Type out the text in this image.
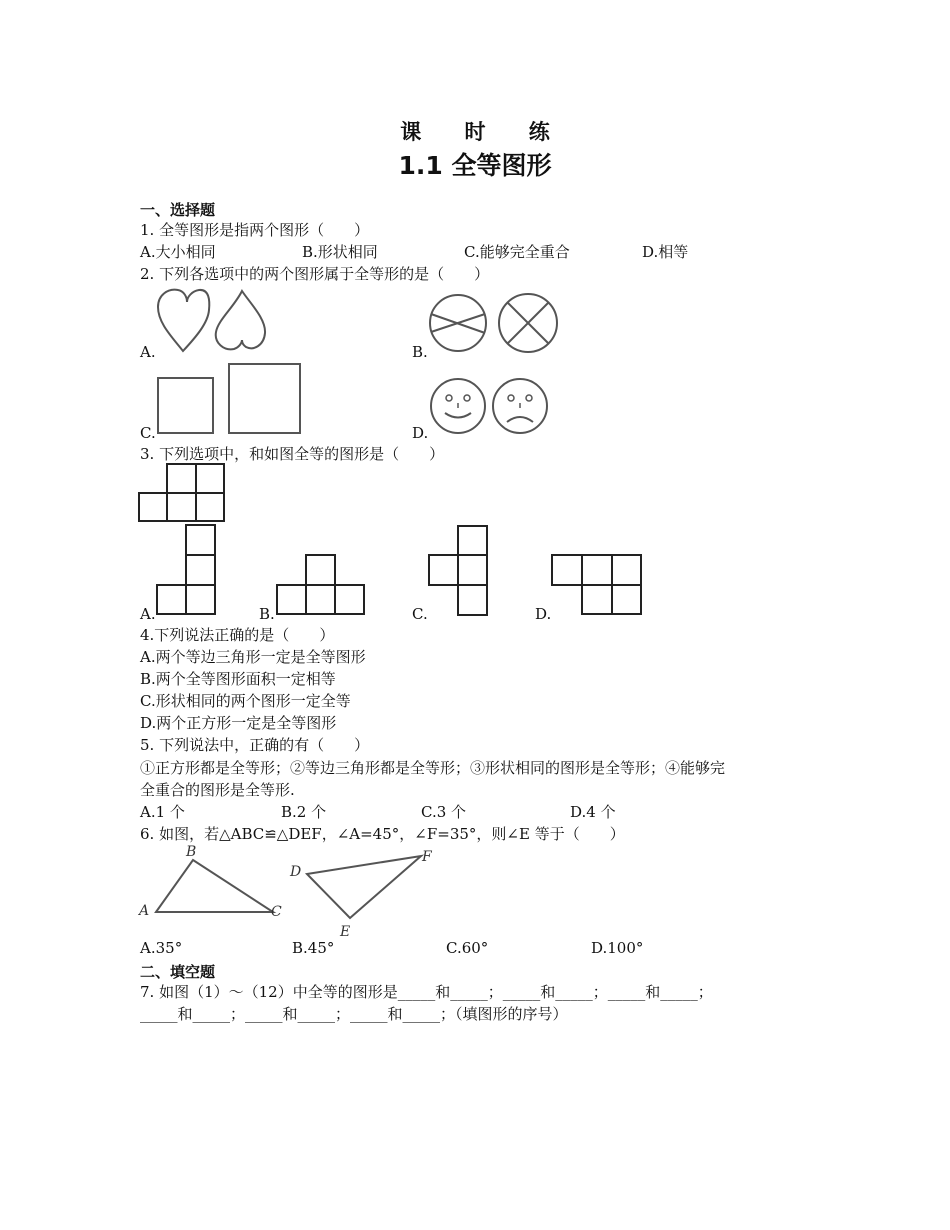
课 时 练
1.1 全等图形
一、选择题
1. 全等图形是指两个图形（　　）
A.大小相同	B.形状相同	C.能够完全重合	D.相等
2. 下列各选项中的两个图形属于全等形的是（　　）
A.	B.
C.	D.
3. 下列选项中，和如图全等的图形是（　　）
A.	B.	C.	D.
4.下列说法正确的是（　　）
A.两个等边三角形一定是全等图形
B.两个全等图形面积一定相等
C.形状相同的两个图形一定全等
D.两个正方形一定是全等图形
5. 下列说法中，正确的有（　　）
①正方形都是全等形；②等边三角形都是全等形；③形状相同的图形是全等形；④能够完
全重合的图形是全等形.
A.1 个	B.2 个	C.3 个	D.4 个
6. 如图，若△ABC≌△DEF，∠A=45°，∠F=35°，则∠E 等于（　　）
A
B
C
D
E
F
A.35°	B.45°	C.60°	D.100°
二、填空题
7. 如图（1）～（12）中全等的图形是_____和_____；_____和_____；_____和_____；
_____和_____；_____和_____；_____和_____；（填图形的序号）
